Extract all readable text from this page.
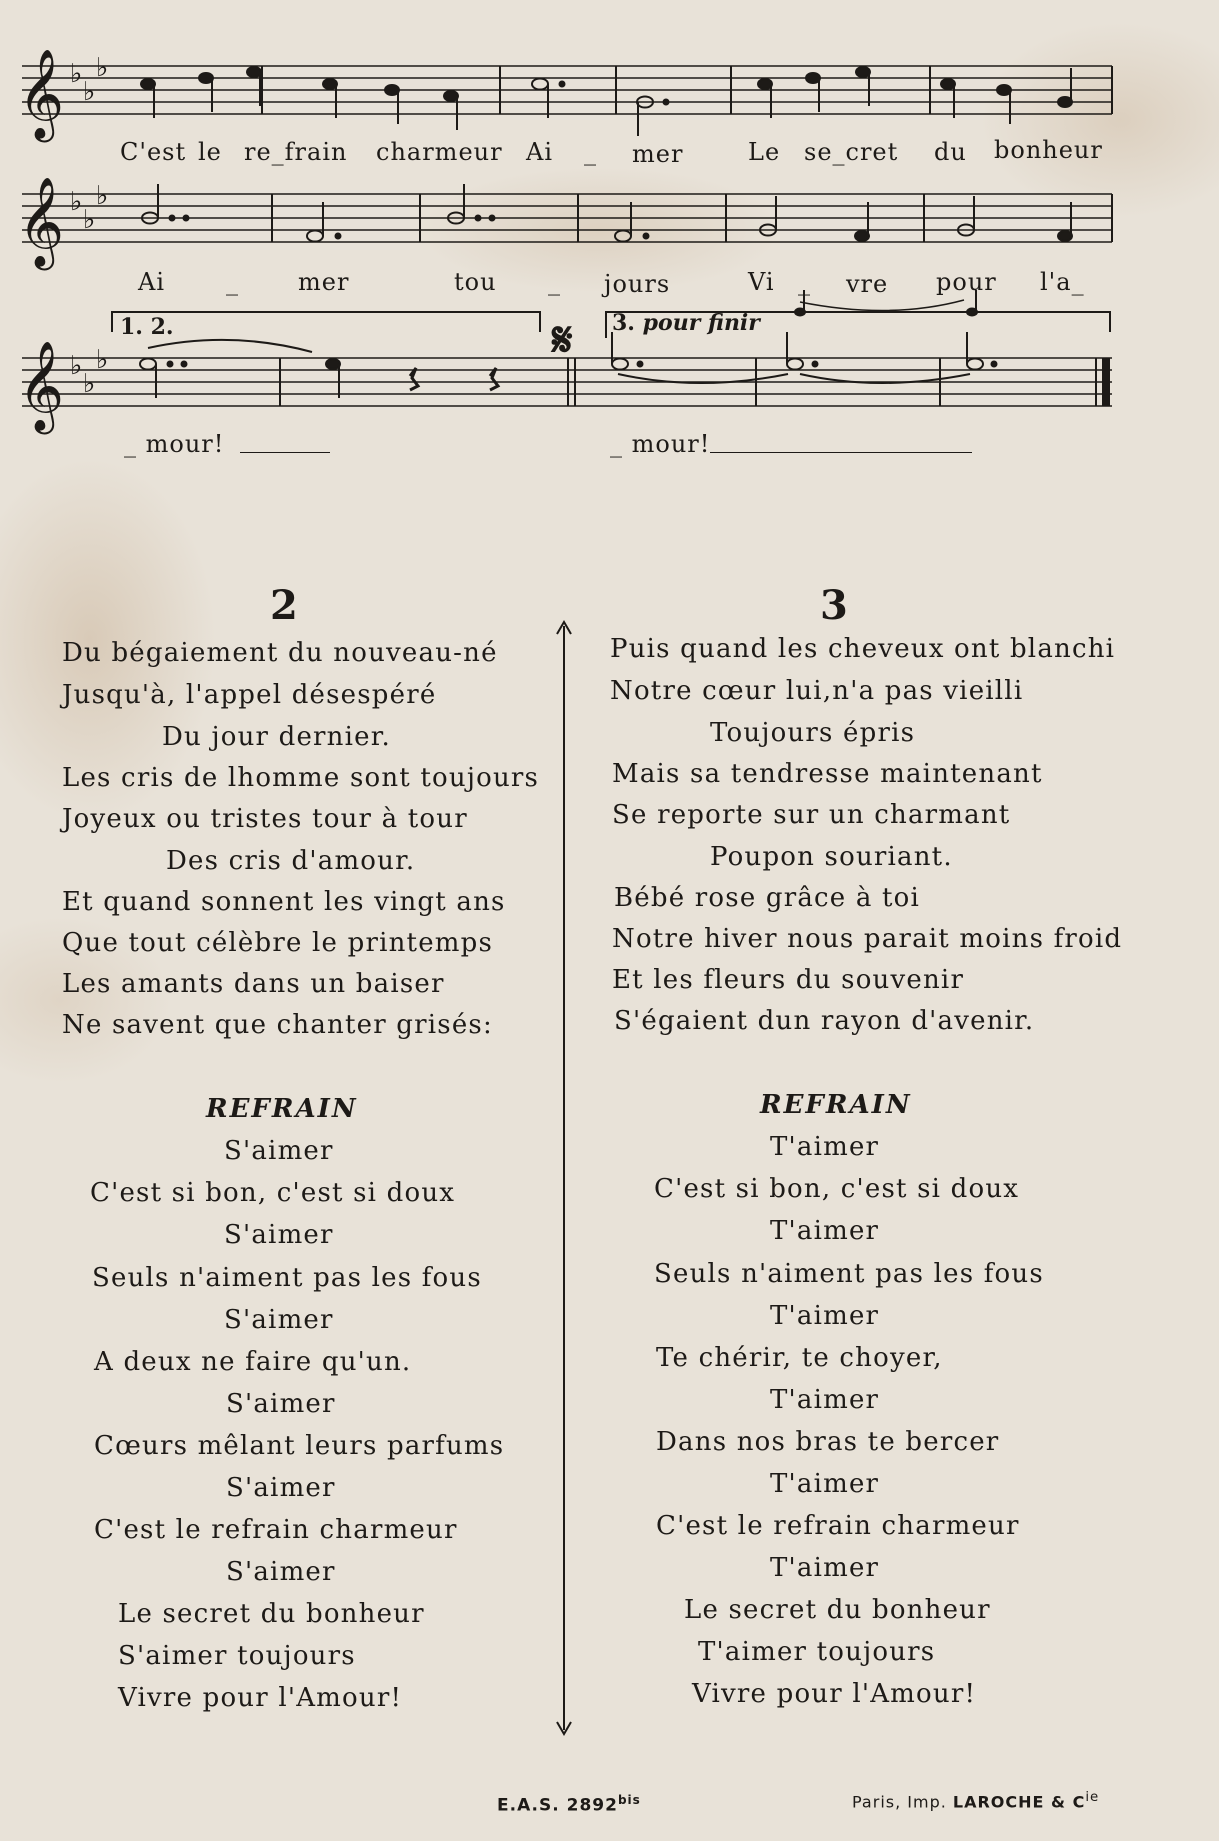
𝄞 ♭
♭
♭
𝄞 ♭
♭
♭
𝄞 ♭
♭
♭	𝄋
1. 2.	3. pour finir
C'est le re_frain charmeur Ai _ mer	Le se_cret du bonheur
Ai	_ mer	tou _ jours	Vi _ vre pour l'a_
_ mour!	_ mour!
2
Du bégaiement du nouveau-né
Jusqu'à, l'appel désespéré
Du jour dernier.
Les cris de lhomme sont toujours
Joyeux ou tristes tour à tour
Des cris d'amour.
Et quand sonnent les vingt ans
Que tout célèbre le printemps
Les amants dans un baiser
Ne savent que chanter grisés:
REFRAIN
S'aimer
C'est si bon, c'est si doux
S'aimer
Seuls n'aiment pas les fous
S'aimer
A deux ne faire qu'un.
S'aimer
Cœurs mêlant leurs parfums
S'aimer
C'est le refrain charmeur
S'aimer
Le secret du bonheur
S'aimer toujours
Vivre pour l'Amour!
3
Puis quand les cheveux ont blanchi
Notre cœur lui,n'a pas vieilli
Toujours épris
Mais sa tendresse maintenant
Se reporte sur un charmant
Poupon souriant.
Bébé rose grâce à toi
Notre hiver nous parait moins froid
Et les fleurs du souvenir
S'égaient dun rayon d'avenir.
REFRAIN
T'aimer
C'est si bon, c'est si doux
T'aimer
Seuls n'aiment pas les fous
T'aimer
Te chérir, te choyer,
T'aimer
Dans nos bras te bercer
T'aimer
C'est le refrain charmeur
T'aimer
Le secret du bonheur
T'aimer toujours
Vivre pour l'Amour!
E.A.S. $2892^{bis}$	Paris, Imp. LAROCHE & $C^{ie}$
